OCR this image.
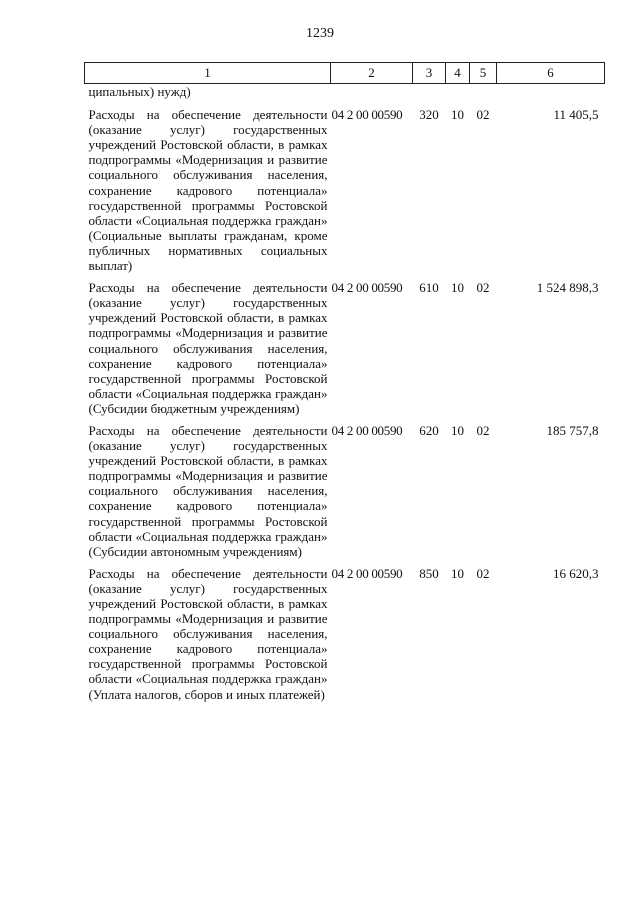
1239
1	2	3	4	5	6
ципальных) нужд)					
Расходы на обеспечение деятельности (оказание услуг) государственных учреждений Ростовской области, в рамках подпрограммы «Модернизация и развитие социального обслуживания населения, сохранение кадрового потенциала» государственной программы Ростовской области «Социальная поддержка граждан» (Социальные выплаты гражданам, кроме публичных нормативных социальных выплат)	04 2 00 00590	320	10	02	11 405,5
Расходы на обеспечение деятельности (оказание услуг) государственных учреждений Ростовской области, в рамках подпрограммы «Модернизация и развитие социального обслуживания населения, сохранение кадрового потенциала» государственной программы Ростовской области «Социальная поддержка граждан» (Субсидии бюджетным учреждениям)	04 2 00 00590	610	10	02	1 524 898,3
Расходы на обеспечение деятельности (оказание услуг) государственных учреждений Ростовской области, в рамках подпрограммы «Модернизация и развитие социального обслуживания населения, сохранение кадрового потенциала» государственной программы Ростовской области «Социальная поддержка граждан» (Субсидии автономным учреждениям)	04 2 00 00590	620	10	02	185 757,8
Расходы на обеспечение деятельности (оказание услуг) государственных учреждений Ростовской области, в рамках подпрограммы «Модернизация и развитие социального обслуживания населения, сохранение кадрового потенциала» государственной программы Ростовской области «Социальная поддержка граждан» (Уплата налогов, сборов и иных платежей)	04 2 00 00590	850	10	02	16 620,3
